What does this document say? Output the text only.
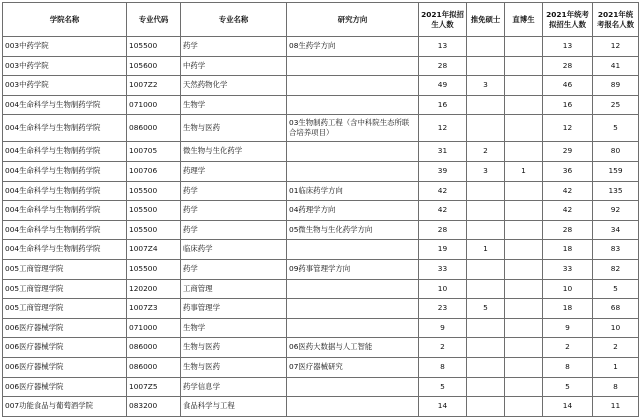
学院名称	专业代码	专业名称	研究方向	2021年拟招生人数	推免硕士	直博生	2021年统考拟招生人数	2021年统考报名人数
003中药学院	105500	药学	08生药学方向	13			13	12
003中药学院	105600	中药学		28			28	41
003中药学院	1007Z2	天然药物化学		49	3		46	89
004生命科学与生物制药学院	071000	生物学		16			16	25
004生命科学与生物制药学院	086000	生物与医药	03生物制药工程（含中科院生态所联合培养项目）	12			12	5
004生命科学与生物制药学院	100705	微生物与生化药学		31	2		29	80
004生命科学与生物制药学院	100706	药理学		39	3	1	36	159
004生命科学与生物制药学院	105500	药学	01临床药学方向	42			42	135
004生命科学与生物制药学院	105500	药学	04药理学方向	42			42	92
004生命科学与生物制药学院	105500	药学	05微生物与生化药学方向	28			28	34
004生命科学与生物制药学院	1007Z4	临床药学		19	1		18	83
005工商管理学院	105500	药学	09药事管理学方向	33			33	82
005工商管理学院	120200	工商管理		10			10	5
005工商管理学院	1007Z3	药事管理学		23	5		18	68
006医疗器械学院	071000	生物学		9			9	10
006医疗器械学院	086000	生物与医药	06医药大数据与人工智能	2			2	2
006医疗器械学院	086000	生物与医药	07医疗器械研究	8			8	1
006医疗器械学院	1007Z5	药学信息学		5			5	8
007功能食品与葡萄酒学院	083200	食品科学与工程		14			14	11
